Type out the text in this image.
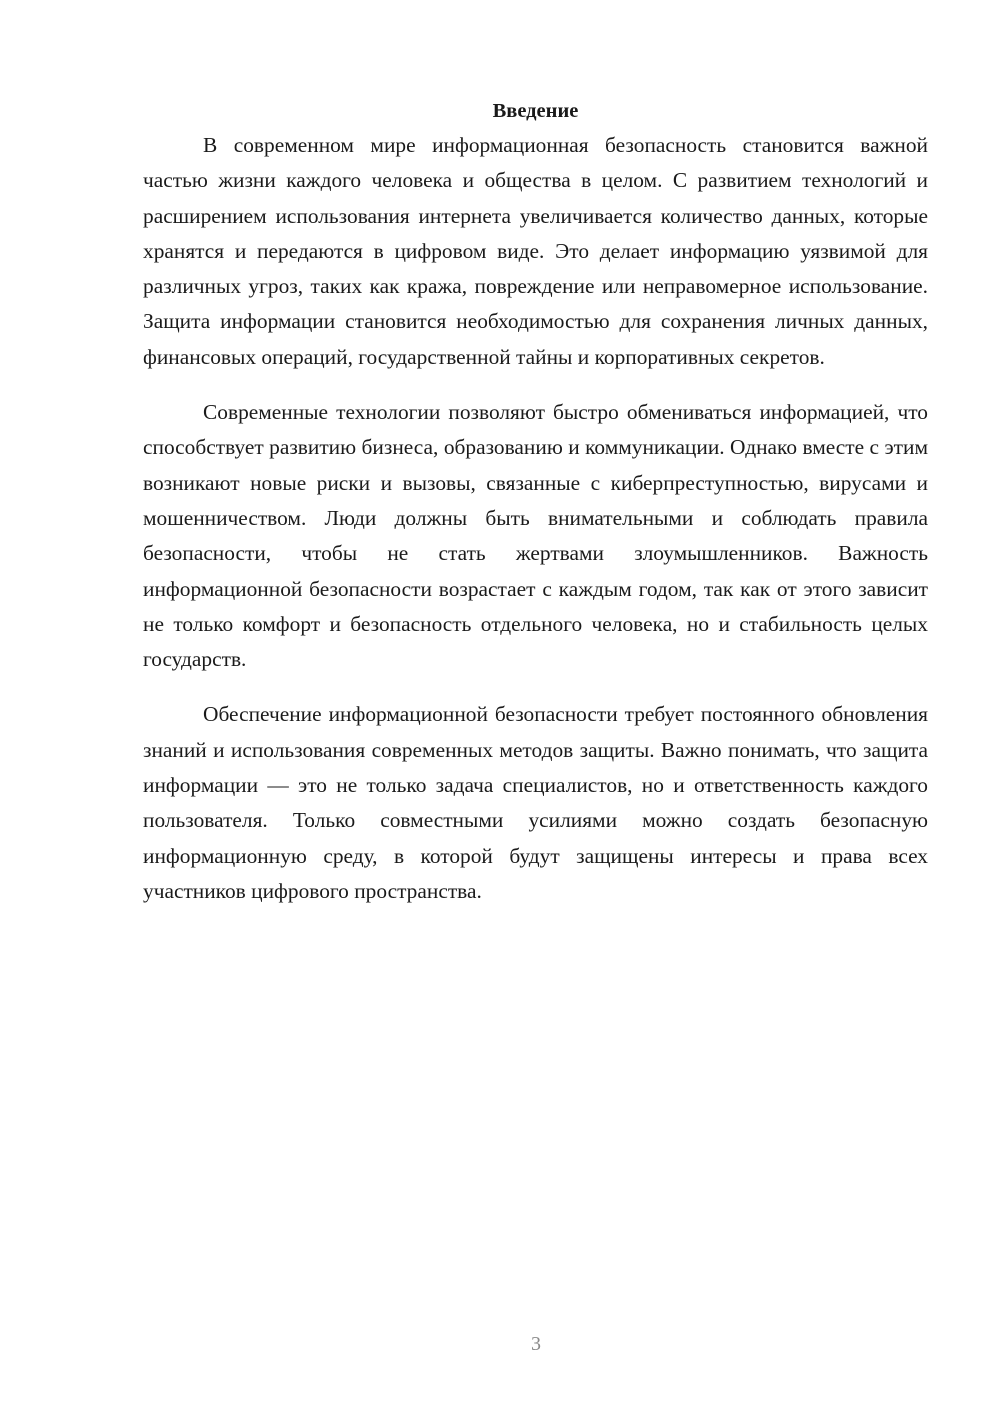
Введение

В современном мире информационная безопасность становится важной частью жизни каждого человека и общества в целом. С развитием технологий и расширением использования интернета увеличивается количество данных, которые хранятся и передаются в цифровом виде. Это делает информацию уязвимой для различных угроз, таких как кража, повреждение или неправомерное использование. Защита информации становится необходимостью для сохранения личных данных, финансовых операций, государственной тайны и корпоративных секретов.

Современные технологии позволяют быстро обмениваться информацией, что способствует развитию бизнеса, образованию и коммуникации. Однако вместе с этим возникают новые риски и вызовы, связанные с киберпреступностью, вирусами и мошенничеством. Люди должны быть внимательными и соблюдать правила безопасности, чтобы не стать жертвами злоумышленников. Важность информационной безопасности возрастает с каждым годом, так как от этого зависит не только комфорт и безопасность отдельного человека, но и стабильность целых государств.

Обеспечение информационной безопасности требует постоянного обновления знаний и использования современных методов защиты. Важно понимать, что защита информации — это не только задача специалистов, но и ответственность каждого пользователя. Только совместными усилиями можно создать безопасную информационную среду, в которой будут защищены интересы и права всех участников цифрового пространства.

3
